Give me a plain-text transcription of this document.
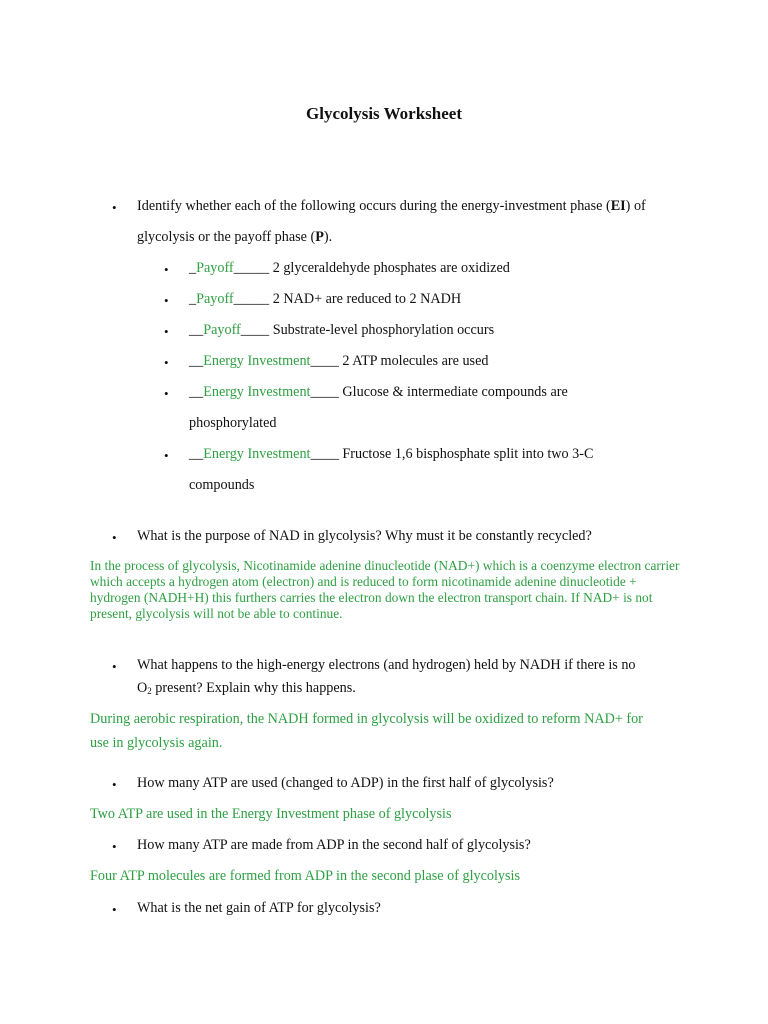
Glycolysis Worksheet
• Identify whether each of the following occurs during the energy-investment phase (EI) of
glycolysis or the payoff phase (P).
• _Payoff_____ 2 glyceraldehyde phosphates are oxidized
• _Payoff_____ 2 NAD+ are reduced to 2 NADH
• __Payoff____ Substrate-level phosphorylation occurs
• __Energy Investment____ 2 ATP molecules are used
• __Energy Investment____ Glucose & intermediate compounds are
phosphorylated
• __Energy Investment____ Fructose 1,6 bisphosphate split into two 3-C
compounds
• What is the purpose of NAD in glycolysis? Why must it be constantly recycled?
In the process of glycolysis, Nicotinamide adenine dinucleotide (NAD+) which is a coenzyme electron carrier which accepts a hydrogen atom (electron) and is reduced to form nicotinamide adenine dinucleotide + hydrogen (NADH+H) this furthers carries the electron down the electron transport chain. If NAD+ is not present, glycolysis will not be able to continue.
• What happens to the high-energy electrons (and hydrogen) held by NADH if there is no
$O_2$ present? Explain why this happens.
During aerobic respiration, the NADH formed in glycolysis will be oxidized to reform NAD+ for
use in glycolysis again.
• How many ATP are used (changed to ADP) in the first half of glycolysis?
Two ATP are used in the Energy Investment phase of glycolysis
• How many ATP are made from ADP in the second half of glycolysis?
Four ATP molecules are formed from ADP in the second plase of glycolysis
• What is the net gain of ATP for glycolysis?
